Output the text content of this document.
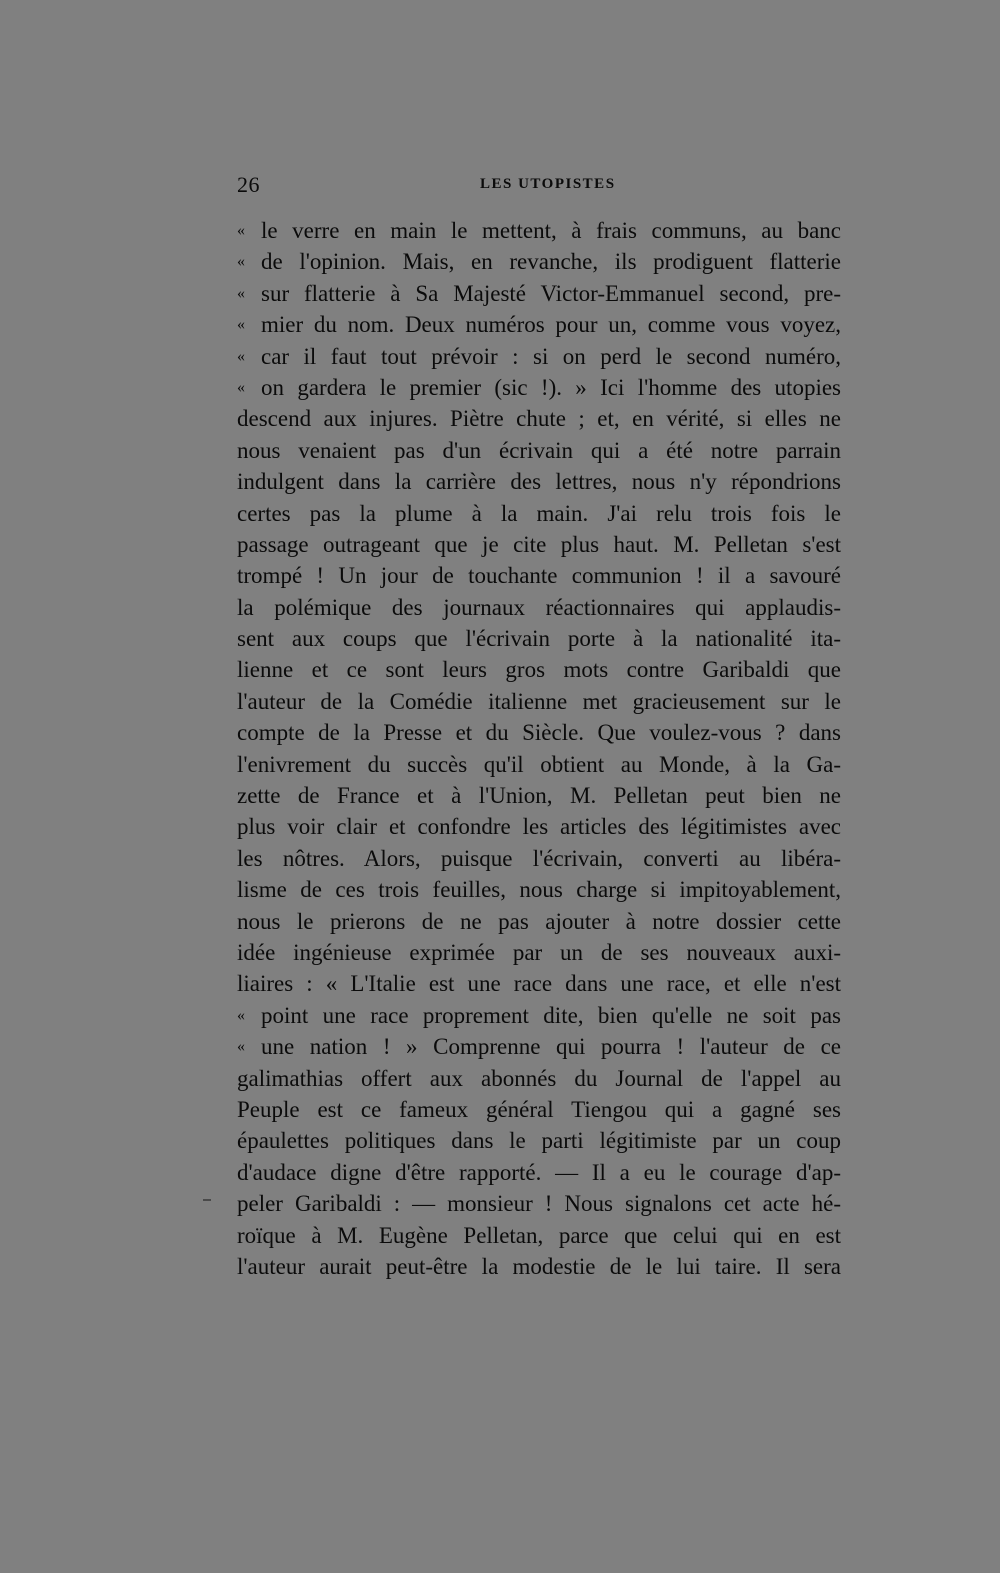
26	LES UTOPISTES
« le verre en main le mettent, à frais communs, au banc
« de l'opinion. Mais, en revanche, ils prodiguent flatterie
« sur flatterie à Sa Majesté Victor-Emmanuel second, pre-
« mier du nom. Deux numéros pour un, comme vous voyez,
« car il faut tout prévoir : si on perd le second numéro,
« on gardera le premier (sic !). » Ici l'homme des utopies
descend aux injures. Piètre chute ; et, en vérité, si elles ne
nous venaient pas d'un écrivain qui a été notre parrain
indulgent dans la carrière des lettres, nous n'y répondrions
certes pas la plume à la main. J'ai relu trois fois le
passage outrageant que je cite plus haut. M. Pelletan s'est
trompé ! Un jour de touchante communion ! il a savouré
la polémique des journaux réactionnaires qui applaudis-
sent aux coups que l'écrivain porte à la nationalité ita-
lienne et ce sont leurs gros mots contre Garibaldi que
l'auteur de la Comédie italienne met gracieusement sur le
compte de la Presse et du Siècle. Que voulez-vous ? dans
l'enivrement du succès qu'il obtient au Monde, à la Ga-
zette de France et à l'Union, M. Pelletan peut bien ne
plus voir clair et confondre les articles des légitimistes avec
les nôtres. Alors, puisque l'écrivain, converti au libéra-
lisme de ces trois feuilles, nous charge si impitoyablement,
nous le prierons de ne pas ajouter à notre dossier cette
idée ingénieuse exprimée par un de ses nouveaux auxi-
liaires : « L'Italie est une race dans une race, et elle n'est
« point une race proprement dite, bien qu'elle ne soit pas
« une nation ! » Comprenne qui pourra ! l'auteur de ce
galimathias offert aux abonnés du Journal de l'appel au
Peuple est ce fameux général Tiengou qui a gagné ses
épaulettes politiques dans le parti légitimiste par un coup
d'audace digne d'être rapporté. — Il a eu le courage d'ap-
peler Garibaldi : — monsieur ! Nous signalons cet acte hé-
roïque à M. Eugène Pelletan, parce que celui qui en est
l'auteur aurait peut-être la modestie de le lui taire. Il sera
